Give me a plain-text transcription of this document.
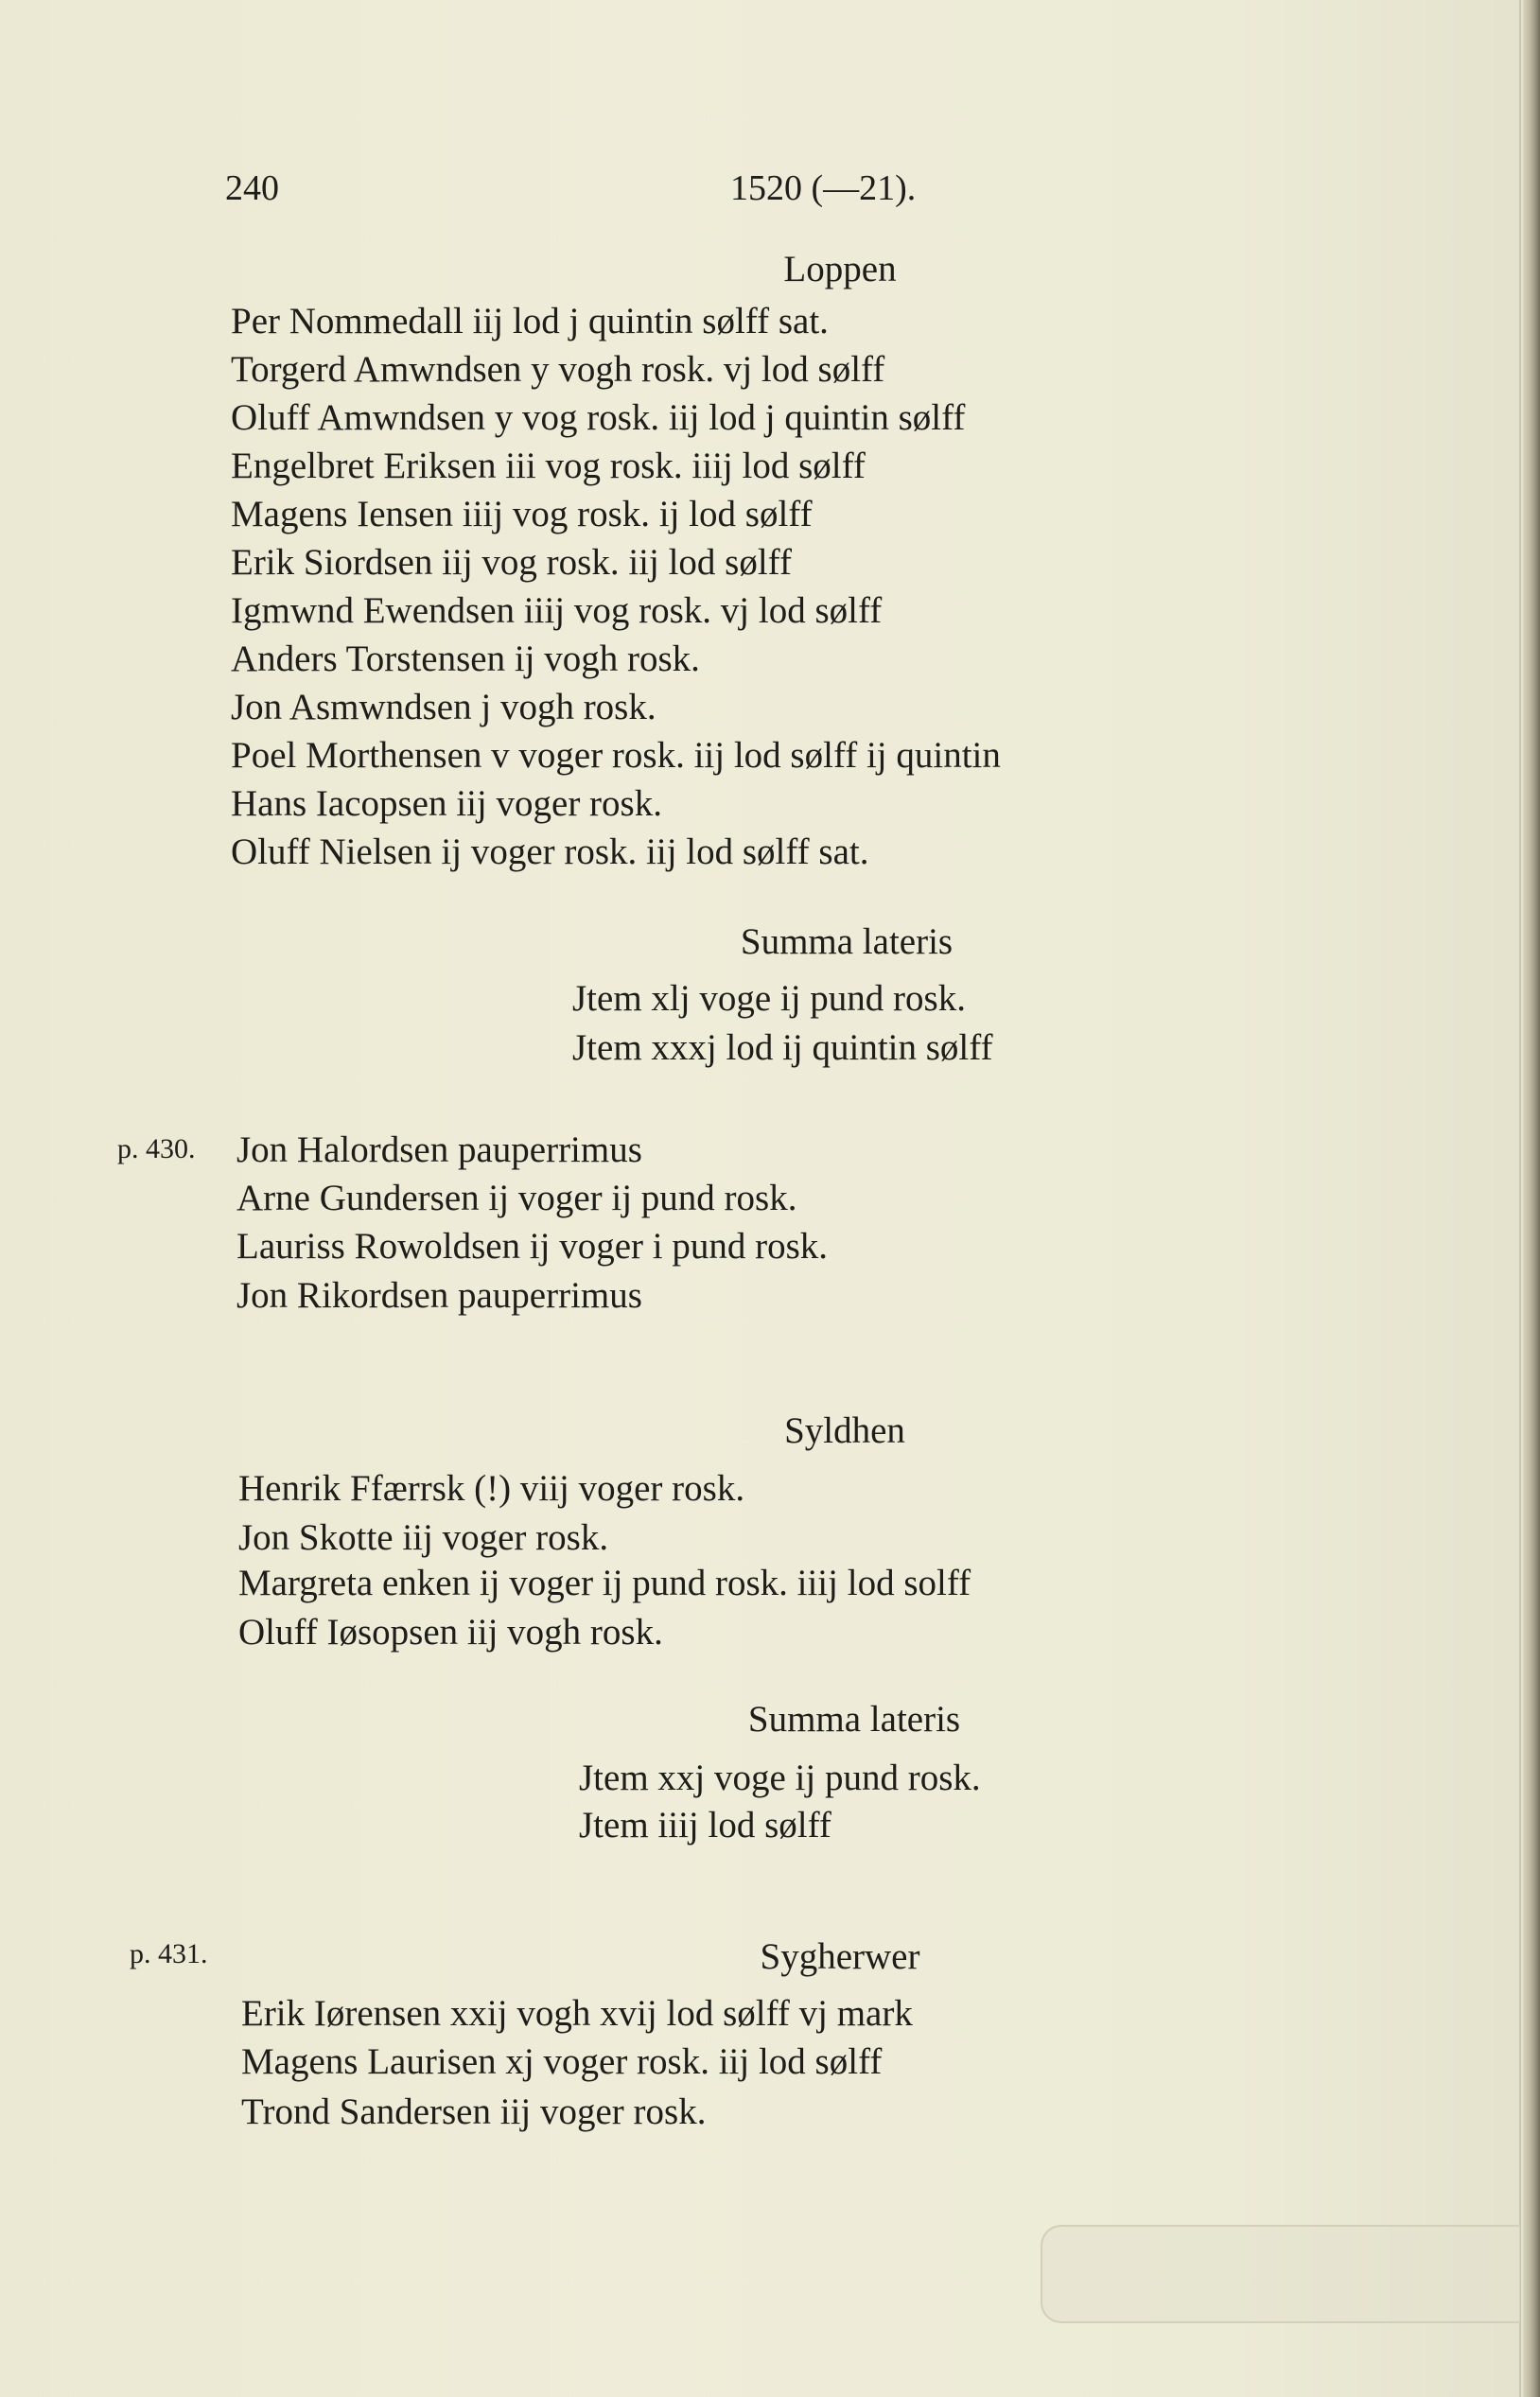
240	1520 (—21).
Loppen
Per Nommedall iij lod j quintin sølff sat.
Torgerd Amwndsen y vogh rosk. vj lod sølff
Oluff Amwndsen y vog rosk. iij lod j quintin sølff
Engelbret Eriksen iii vog rosk. iiij lod sølff
Magens Iensen iiij vog rosk. ij lod sølff
Erik Siordsen iij vog rosk. iij lod sølff
Igmwnd Ewendsen iiij vog rosk. vj lod sølff
Anders Torstensen ij vogh rosk.
Jon Asmwndsen j vogh rosk.
Poel Morthensen v voger rosk. iij lod sølff ij quintin
Hans Iacopsen iij voger rosk.
Oluff Nielsen ij voger rosk. iij lod sølff sat.
Summa lateris
Jtem xlj voge ij pund rosk.
Jtem xxxj lod ij quintin sølff
p. 430. Jon Halordsen pauperrimus
Arne Gundersen ij voger ij pund rosk.
Lauriss Rowoldsen ij voger i pund rosk.
Jon Rikordsen pauperrimus
Syldhen
Henrik Ffærrsk (!) viij voger rosk.
Jon Skotte iij voger rosk.
Margreta enken ij voger ij pund rosk. iiij lod solff
Oluff Iøsopsen iij vogh rosk.
Summa lateris
Jtem xxj voge ij pund rosk.
Jtem iiij lod sølff
p. 431.	Sygherwer
Erik Iørensen xxij vogh xvij lod sølff vj mark
Magens Laurisen xj voger rosk. iij lod sølff
Trond Sandersen iij voger rosk.
